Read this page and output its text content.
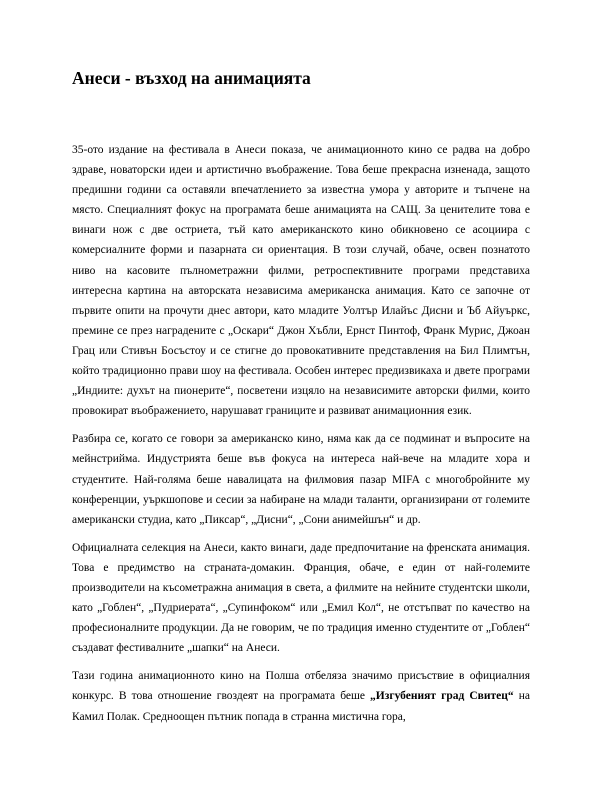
Анеси - възход на анимацията

35-ото издание на фестивала в Анеси показа, че анимационното кино се радва на добро здраве, новаторски идеи и артистично въображение. Това беше прекрасна изненада, защото предишни години са оставяли впечатлението за известна умора у авторите и тъпчене на място. Специалният фокус на програмата беше анимацията на САЩ. За ценителите това е винаги нож с две остриета, тъй като американското кино обикновено се асоциира с комерсиалните форми и пазарната си ориентация. В този случай, обаче, освен познатото ниво на касовите пълнометражни филми, ретроспективните програми представиха интересна картина на авторската независима американска анимация. Като се започне от първите опити на прочути днес автори, като младите Уолтър Илайъс Дисни и Ъб Айуъркс, премине се през наградените с „Оскари“ Джон Хъбли, Ернст Пинтоф, Франк Мурис, Джоан Грац или Стивън Босъстоу и се стигне до провокативните представления на Бил Плимтън, който традиционно прави шоу на фестивала. Особен интерес предизвикаха и двете програми „Индиите: духът на пионерите“, посветени изцяло на независимите авторски филми, които провокират въображението, нарушават границите и развиват анимационния език.

Разбира се, когато се говори за американско кино, няма как да се подминат и въпросите на мейнстрийма. Индустрията беше във фокуса на интереса най-вече на младите хора и студентите. Най-голяма беше навалицата на филмовия пазар MIFA с многобройните му конференции, уъркшопове и сесии за набиране на млади таланти, организирани от големите американски студиа, като „Пиксар“, „Дисни“, „Сони анимейшън“ и др.

Официалната селекция на Анеси, както винаги, даде предпочитание на френската анимация. Това е предимство на страната-домакин. Франция, обаче, е един от най-големите производители на късометражна анимация в света, а филмите на нейните студентски школи, като „Гоблен“, „Пудриерата“, „Супинфоком“ или „Емил Кол“, не отстъпват по качество на професионалните продукции. Да не говорим, че по традиция именно студентите от „Гоблен“ създават фестивалните „шапки“ на Анеси.

Тази година анимационното кино на Полша отбеляза значимо присъствие в официалния конкурс. В това отношение гвоздеят на програмата беше „Изгубеният град Свитец“ на Камил Полак. Средноощен пътник попада в странна мистична гора,
